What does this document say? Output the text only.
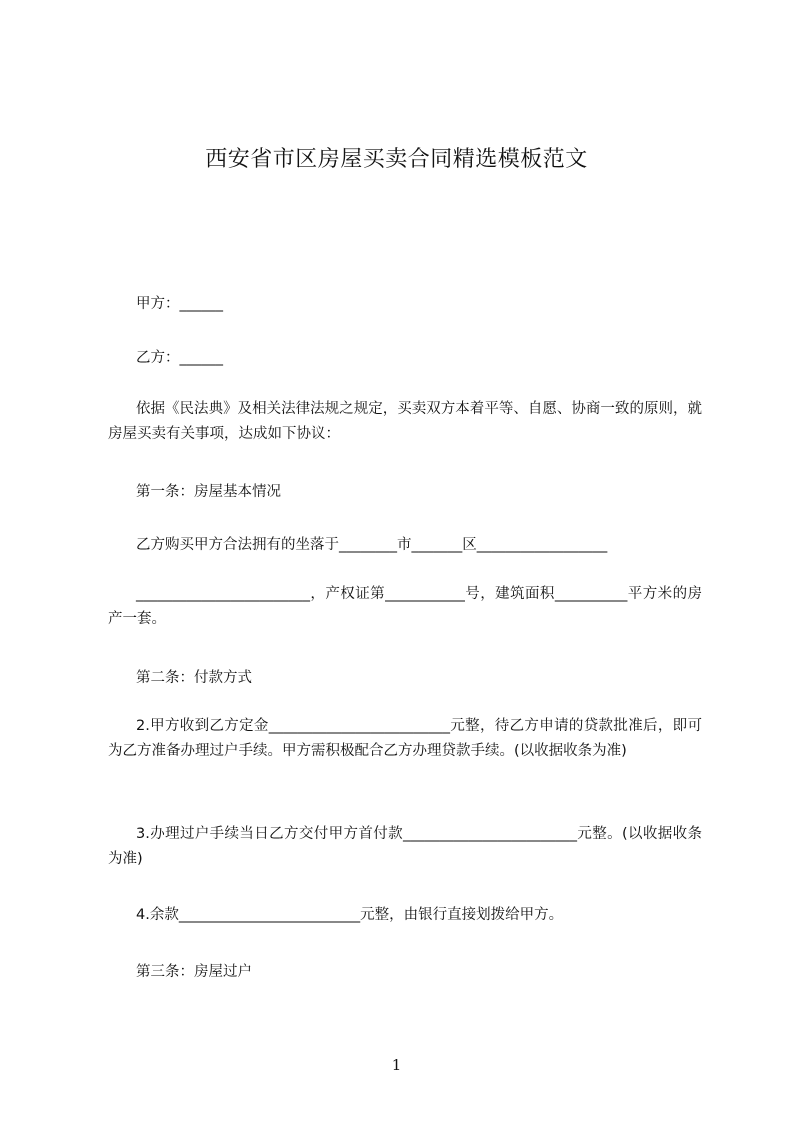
西安省市区房屋买卖合同精选模板范文
甲方：______
乙方：______
依据《民法典》及相关法律法规之规定，买卖双方本着平等、自愿、协商一致的原则，就房屋买卖有关事项，达成如下协议：
第一条：房屋基本情况
乙方购买甲方合法拥有的坐落于________市_______区__________________
________________________，产权证第___________号，建筑面积__________平方米的房产一套。
第二条：付款方式
2.甲方收到乙方定金_________________________元整，待乙方申请的贷款批准后，即可为乙方准备办理过户手续。甲方需积极配合乙方办理贷款手续。(以收据收条为准)
3.办理过户手续当日乙方交付甲方首付款________________________元整。(以收据收条为准)
4.余款_________________________元整，由银行直接划拨给甲方。
第三条：房屋过户
1
